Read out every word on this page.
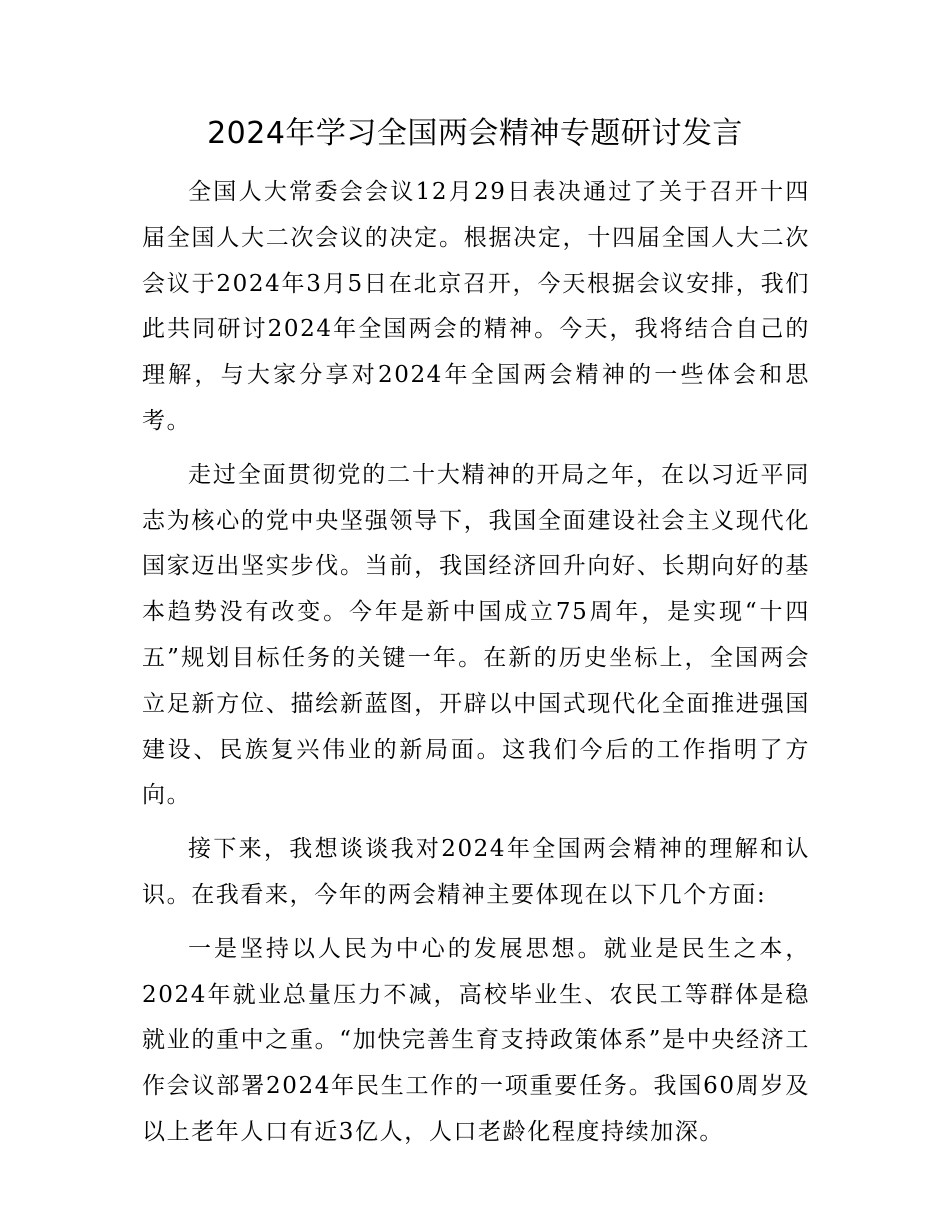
2024年学习全国两会精神专题研讨发言

全国人大常委会会议12月29日表决通过了关于召开十四届全国人大二次会议的决定。根据决定，十四届全国人大二次会议于2024年3月5日在北京召开，今天根据会议安排，我们此共同研讨2024年全国两会的精神。今天，我将结合自己的理解，与大家分享对2024年全国两会精神的一些体会和思考。

走过全面贯彻党的二十大精神的开局之年，在以习近平同志为核心的党中央坚强领导下，我国全面建设社会主义现代化国家迈出坚实步伐。当前，我国经济回升向好、长期向好的基本趋势没有改变。今年是新中国成立75周年，是实现“十四五”规划目标任务的关键一年。在新的历史坐标上，全国两会立足新方位、描绘新蓝图，开辟以中国式现代化全面推进强国建设、民族复兴伟业的新局面。这我们今后的工作指明了方向。

接下来，我想谈谈我对2024年全国两会精神的理解和认识。在我看来，今年的两会精神主要体现在以下几个方面:

一是坚持以人民为中心的发展思想。就业是民生之本，2024年就业总量压力不减，高校毕业生、农民工等群体是稳就业的重中之重。“加快完善生育支持政策体系”是中央经济工作会议部署2024年民生工作的一项重要任务。我国60周岁及以上老年人口有近3亿人，人口老龄化程度持续加深。
